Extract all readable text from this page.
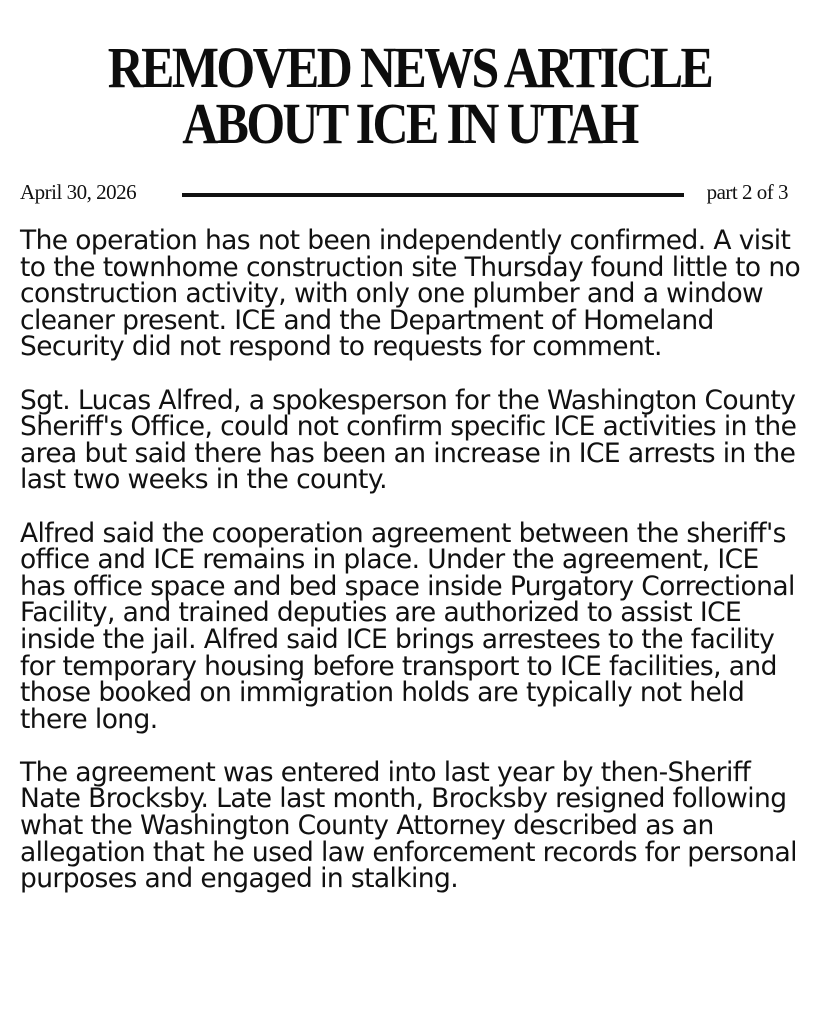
REMOVED NEWS ARTICLE
ABOUT ICE IN UTAH
April 30, 2026	part 2 of 3

The operation has not been independently confirmed. A visit to the townhome construction site Thursday found little to no construction activity, with only one plumber and a window cleaner present. ICE and the Department of Homeland Security did not respond to requests for comment.

Sgt. Lucas Alfred, a spokesperson for the Washington County Sheriff's Office, could not confirm specific ICE activities in the area but said there has been an increase in ICE arrests in the last two weeks in the county.

Alfred said the cooperation agreement between the sheriff's office and ICE remains in place. Under the agreement, ICE has office space and bed space inside Purgatory Correctional Facility, and trained deputies are authorized to assist ICE inside the jail. Alfred said ICE brings arrestees to the facility for temporary housing before transport to ICE facilities, and those booked on immigration holds are typically not held there long.

The agreement was entered into last year by then-Sheriff Nate Brocksby. Late last month, Brocksby resigned following what the Washington County Attorney described as an allegation that he used law enforcement records for personal purposes and engaged in stalking.
